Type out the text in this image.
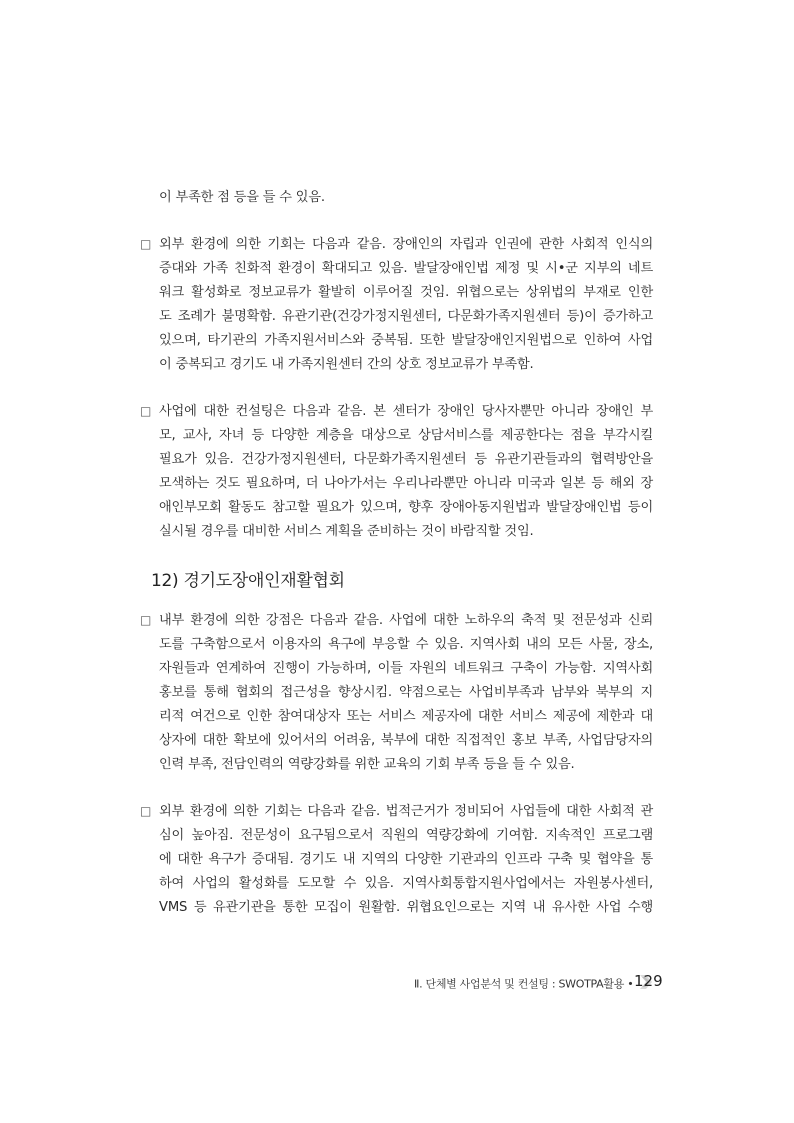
이 부족한 점 등을 들 수 있음.
□ 외부 환경에 의한 기회는 다음과 같음. 장애인의 자립과 인권에 관한 사회적 인식의
증대와 가족 친화적 환경이 확대되고 있음. 발달장애인법 제정 및 시•군 지부의 네트
워크 활성화로 정보교류가 활발히 이루어질 것임. 위협으로는 상위법의 부재로 인한
도 조례가 불명확함. 유관기관(건강가정지원센터, 다문화가족지원센터 등)이 증가하고
있으며, 타기관의 가족지원서비스와 중복됨. 또한 발달장애인지원법으로 인하여 사업
이 중복되고 경기도 내 가족지원센터 간의 상호 정보교류가 부족함.
□ 사업에 대한 컨설팅은 다음과 같음. 본 센터가 장애인 당사자뿐만 아니라 장애인 부
모, 교사, 자녀 등 다양한 계층을 대상으로 상담서비스를 제공한다는 점을 부각시킬
필요가 있음. 건강가정지원센터, 다문화가족지원센터 등 유관기관들과의 협력방안을
모색하는 것도 필요하며, 더 나아가서는 우리나라뿐만 아니라 미국과 일본 등 해외 장
애인부모회 활동도 참고할 필요가 있으며, 향후 장애아동지원법과 발달장애인법 등이
실시될 경우를 대비한 서비스 계획을 준비하는 것이 바람직할 것임.
12) 경기도장애인재활협회
□ 내부 환경에 의한 강점은 다음과 같음. 사업에 대한 노하우의 축적 및 전문성과 신뢰
도를 구축함으로서 이용자의 욕구에 부응할 수 있음. 지역사회 내의 모든 사물, 장소,
자원들과 연계하여 진행이 가능하며, 이들 자원의 네트워크 구축이 가능함. 지역사회
홍보를 통해 협회의 접근성을 향상시킴. 약점으로는 사업비부족과 남부와 북부의 지
리적 여건으로 인한 참여대상자 또는 서비스 제공자에 대한 서비스 제공에 제한과 대
상자에 대한 확보에 있어서의 어려움, 북부에 대한 직접적인 홍보 부족, 사업담당자의
인력 부족, 전담인력의 역량강화를 위한 교육의 기회 부족 등을 들 수 있음.
□ 외부 환경에 의한 기회는 다음과 같음. 법적근거가 정비되어 사업들에 대한 사회적 관
심이 높아짐. 전문성이 요구됨으로서 직원의 역량강화에 기여함. 지속적인 프로그램
에 대한 욕구가 증대됨. 경기도 내 지역의 다양한 기관과의 인프라 구축 및 협약을 통
하여 사업의 활성화를 도모할 수 있음. 지역사회통합지원사업에서는 자원봉사센터,
VMS 등 유관기관을 통한 모집이 원활함. 위협요인으로는 지역 내 유사한 사업 수행
Ⅱ. 단체별 사업분석 및 컨설팅 : SWOTPA활용 • 129
